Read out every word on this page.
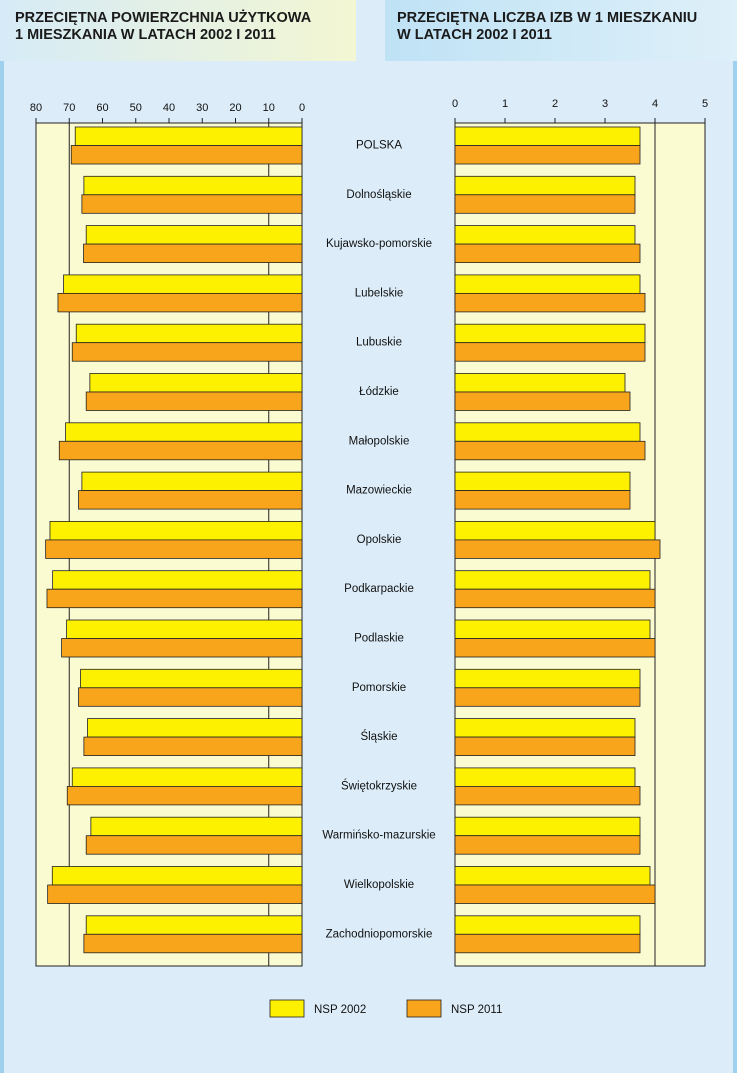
PRZECIĘTNA POWIERZCHNIA UŻYTKOWA
1 MIESZKANIA W LATACH 2002 I 2011
PRZECIĘTNA LICZBA IZB W 1 MIESZKANIU
W LATACH 2002 I 2011
80 70 60 50 40 30 20 10 0	0	1	2	3	4	5
POLSKA
Dolnośląskie
Kujawsko-pomorskie
Lubelskie
Lubuskie
Łódzkie
Małopolskie
Mazowieckie
Opolskie
Podkarpackie
Podlaskie
Pomorskie
Śląskie
Świętokrzyskie
Warmińsko-mazurskie
Wielkopolskie
Zachodniopomorskie
NSP 2002	NSP 2011
